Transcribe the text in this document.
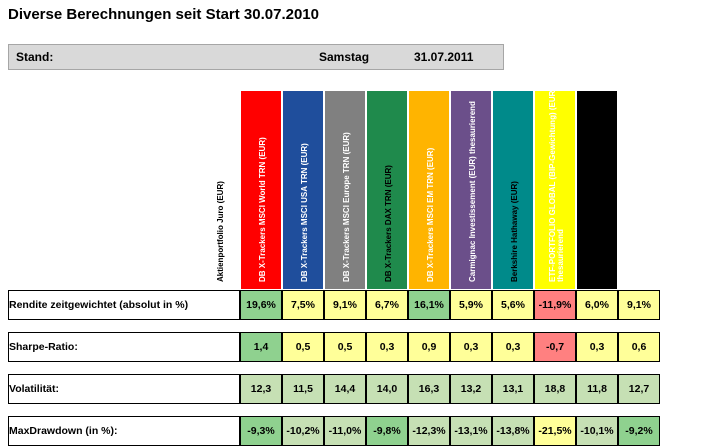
Diverse Berechnungen seit Start 30.07.2010
Stand:	Samstag	31.07.2011

Aktienportfolio Juro (EUR)	DB X-Trackers MSCI World TRN (EUR)	DB X-Trackers MSCI USA TRN (EUR)	DB X-Trackers MSCI Europe TRN (EUR)	DB X-Trackers DAX TRN (EUR)	DB X-Trackers MSCI EM TRN (EUR)	Carmignac Investissement (EUR) thesaurierend	Berkshire Hathaway (EUR)	ETF-PORTFOLIO GLOBAL (BIP-Gewichtung) (EUR) thesaurierend	LINGOHR-SYSTEMATIC-LBB-INVEST

Rendite zeitgewichtet (absolut in %)	19,6%	7,5%	9,1%	6,7%	16,1%	5,9%	5,6%	-11,9%	6,0%	9,1%

Sharpe-Ratio:	1,4	0,5	0,5	0,3	0,9	0,3	0,3	-0,7	0,3	0,6

Volatilität:	12,3	11,5	14,4	14,0	16,3	13,2	13,1	18,8	11,8	12,7

MaxDrawdown (in %):	-9,3%	-10,2%	-11,0%	-9,8%	-12,3%	-13,1%	-13,8%	-21,5%	-10,1%	-9,2%
